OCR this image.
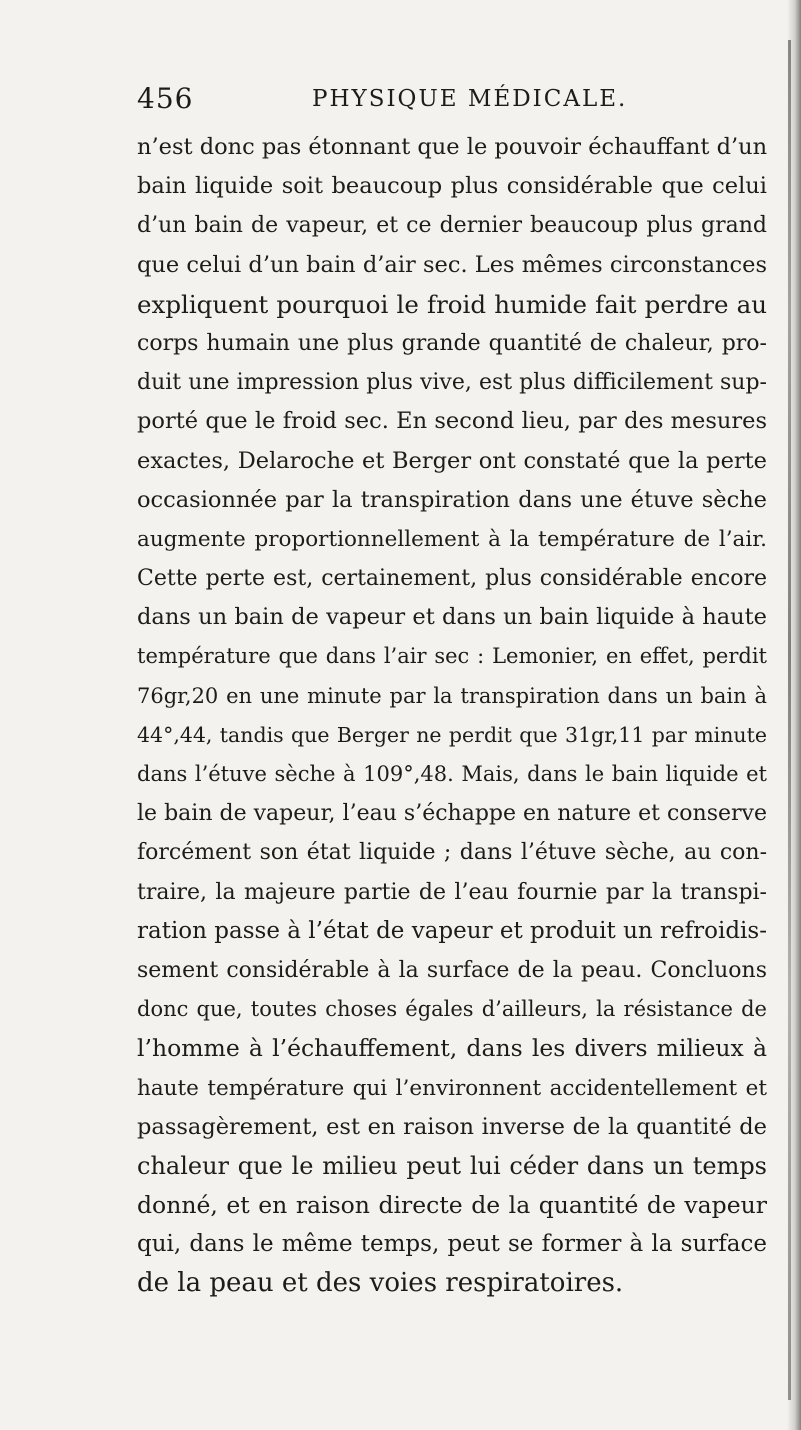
456	PHYSIQUE MÉDICALE.
n’est donc pas étonnant que le pouvoir échauffant d’un
bain liquide soit beaucoup plus considérable que celui
d’un bain de vapeur, et ce dernier beaucoup plus grand
que celui d’un bain d’air sec. Les mêmes circonstances
expliquent pourquoi le froid humide fait perdre au
corps humain une plus grande quantité de chaleur, pro-
duit une impression plus vive, est plus difficilement sup-
porté que le froid sec. En second lieu, par des mesures
exactes, Delaroche et Berger ont constaté que la perte
occasionnée par la transpiration dans une étuve sèche
augmente proportionnellement à la température de l’air.
Cette perte est, certainement, plus considérable encore
dans un bain de vapeur et dans un bain liquide à haute
température que dans l’air sec : Lemonier, en effet, perdit
76gr,20 en une minute par la transpiration dans un bain à
44°,44, tandis que Berger ne perdit que 31gr,11 par minute
dans l’étuve sèche à 109°,48. Mais, dans le bain liquide et
le bain de vapeur, l’eau s’échappe en nature et conserve
forcément son état liquide ; dans l’étuve sèche, au con-
traire, la majeure partie de l’eau fournie par la transpi-
ration passe à l’état de vapeur et produit un refroidis-
sement considérable à la surface de la peau. Concluons
donc que, toutes choses égales d’ailleurs, la résistance de
l’homme à l’échauffement, dans les divers milieux à
haute température qui l’environnent accidentellement et
passagèrement, est en raison inverse de la quantité de
chaleur que le milieu peut lui céder dans un temps
donné, et en raison directe de la quantité de vapeur
qui, dans le même temps, peut se former à la surface
de la peau et des voies respiratoires.
